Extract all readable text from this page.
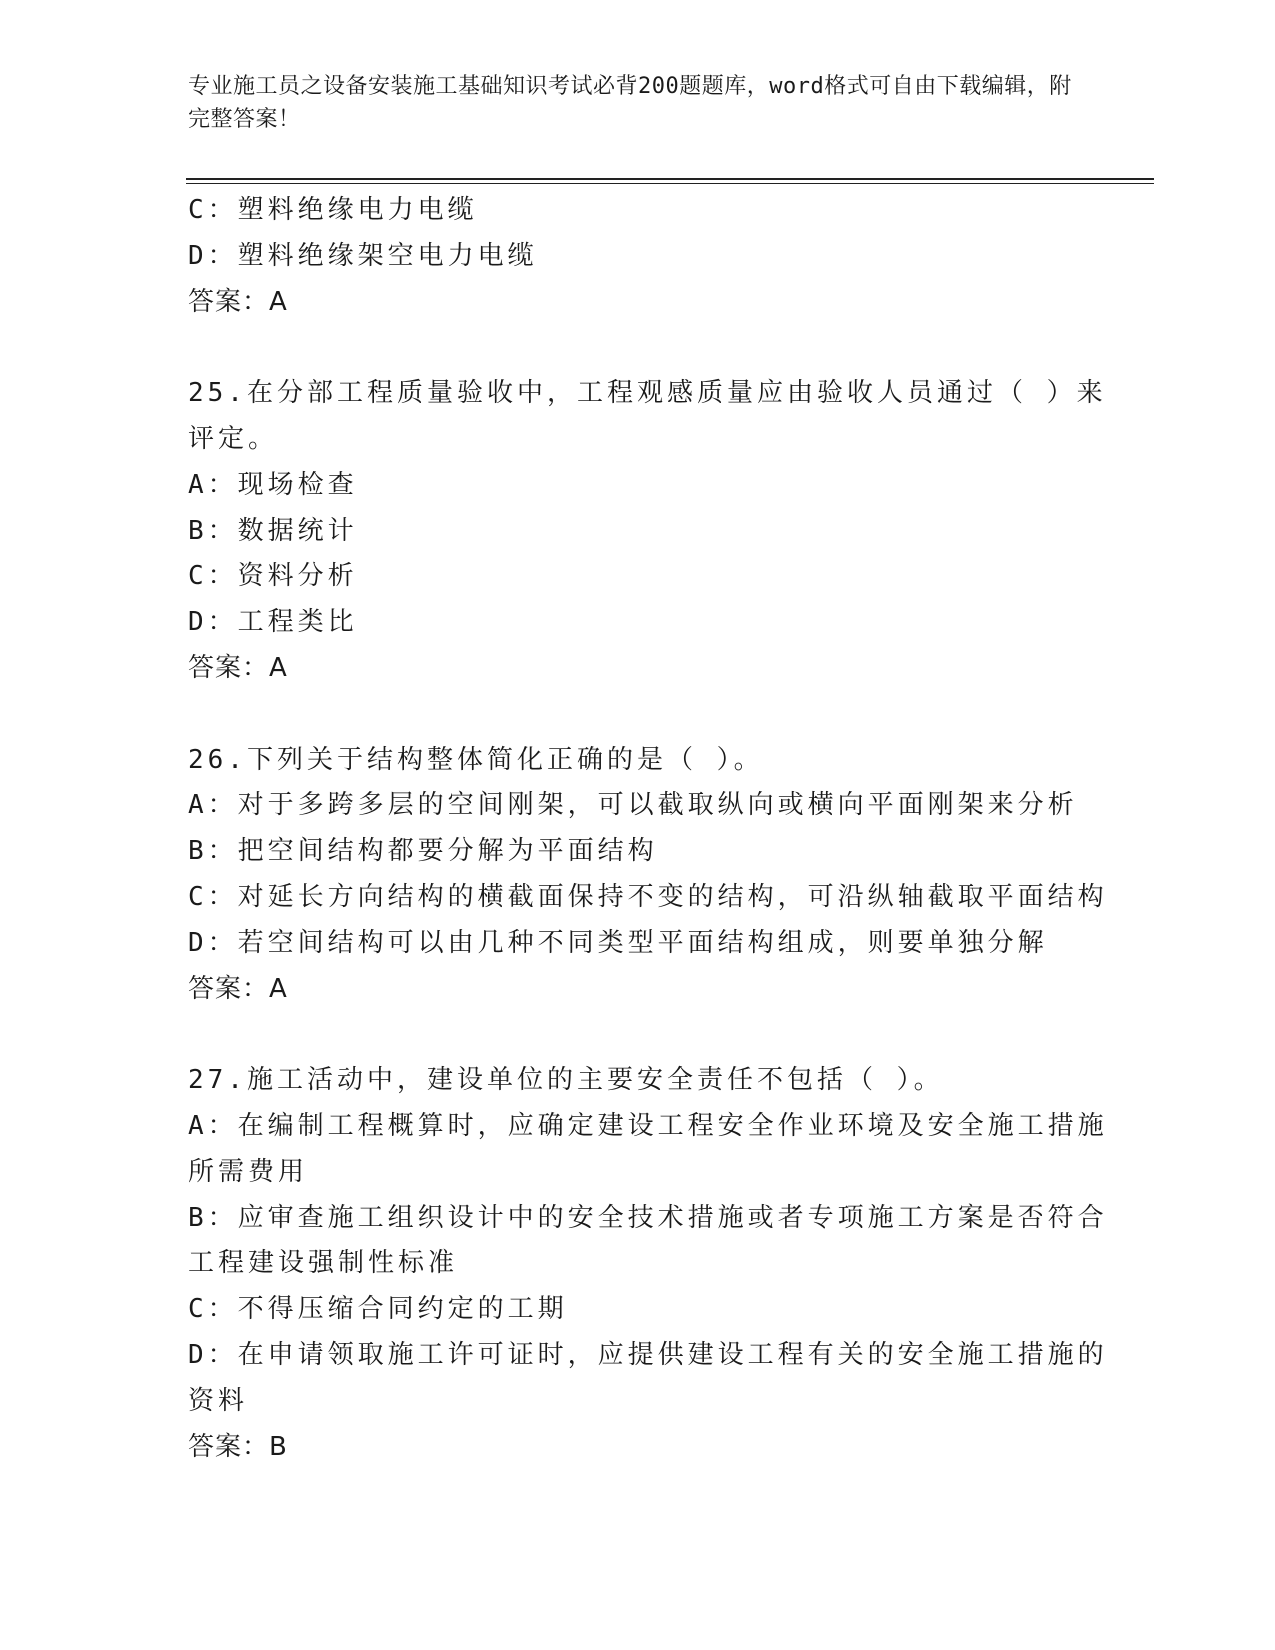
专业施工员之设备安装施工基础知识考试必背200题题库，word格式可自由下载编辑，附完整答案！
C：塑料绝缘电力电缆
D：塑料绝缘架空电力电缆
答案：A
25.在分部工程质量验收中，工程观感质量应由验收人员通过（ ）来
评定。
A：现场检查
B：数据统计
C：资料分析
D：工程类比
答案：A
26.下列关于结构整体简化正确的是（ ）。
A：对于多跨多层的空间刚架，可以截取纵向或横向平面刚架来分析
B：把空间结构都要分解为平面结构
C：对延长方向结构的横截面保持不变的结构，可沿纵轴截取平面结构
D：若空间结构可以由几种不同类型平面结构组成，则要单独分解
答案：A
27.施工活动中，建设单位的主要安全责任不包括（ ）。
A：在编制工程概算时，应确定建设工程安全作业环境及安全施工措施
所需费用
B：应审查施工组织设计中的安全技术措施或者专项施工方案是否符合
工程建设强制性标准
C：不得压缩合同约定的工期
D：在申请领取施工许可证时，应提供建设工程有关的安全施工措施的
资料
答案：B
